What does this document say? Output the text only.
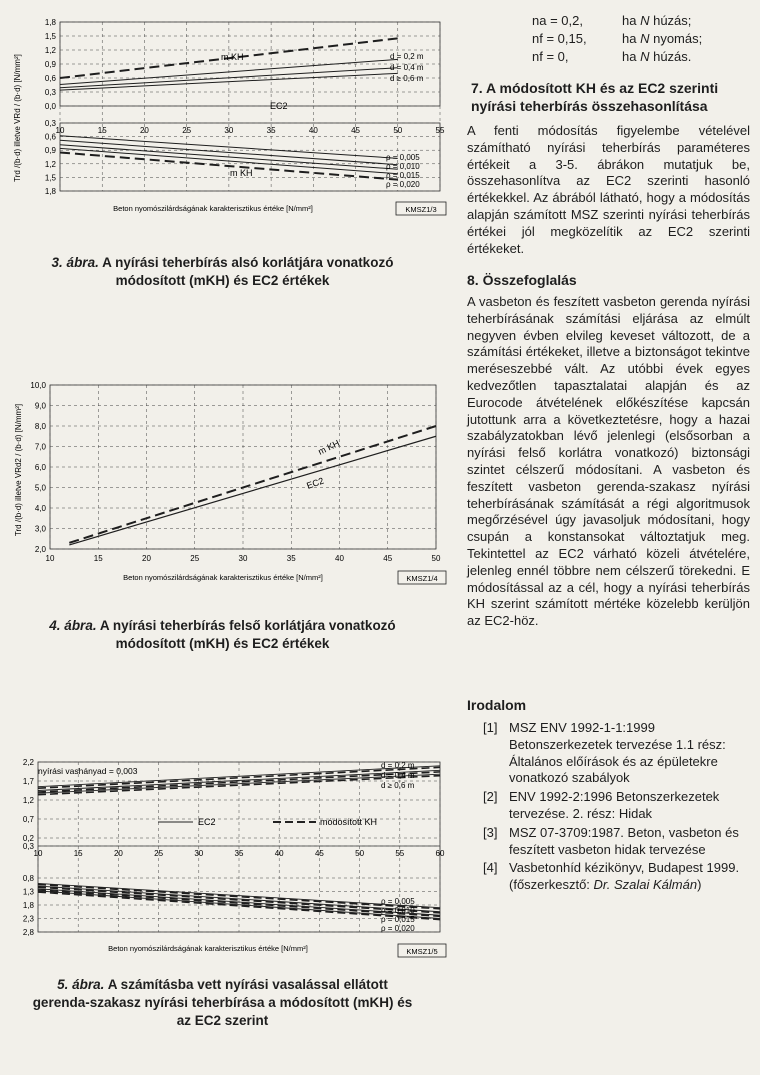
1,8
1,5
1,2
0,9
0,6
0,3
0,0
0,3
0,6
0,9
1,2
1,5
1,8
10	15	20	25	30	35	40	45	50	55
Trd /(b·d) illetve VRd / (b·d) [N/mm²]
Beton nyomószilárdságának karakterisztikus értéke [N/mm²]	KMSZ1/3
m KH	d = 0,2 m
d = 0,4 m
d ≥ 0,6 m
EC2
ρ = 0,005
ρ = 0,010
ρ = 0,015
ρ = 0,020
m KH
3. ábra. A nyírási teherbírás alsó korlátjára vonatkozó módosított (mKH) és EC2 értékek
10,0
9,0
8,0
7,0
6,0
5,0
4,0
3,0
2,0
10	15	20	25	30	35	40	45	50
Trd /(b·d) illetve VRd2 / (b·d) [N/mm²]
Beton nyomószilárdságának karakterisztikus értéke [N/mm²]	KMSZ1/4
m KH
EC2
4. ábra. A nyírási teherbírás felső korlátjára vonatkozó módosított (mKH) és EC2 értékek
2,2
1,7
1,2
0,7
0,2
0,3
0,8
1,3
1,8
2,3
2,8
10	15	20	25	30	35	40	45	50	55	60
nyírási vashányad = 0,003
d = 0,2 m
d = 0,4 m
d ≥ 0,6 m
EC2	módosított KH
ρ = 0,005
ρ = 0,010
ρ = 0,015
ρ = 0,020
Beton nyomószilárdságának karakterisztikus értéke [N/mm²]	KMSZ1/5
5. ábra. A számításba vett nyírási vasalással ellátott gerenda-szakasz nyírási teherbírása a módosított (mKH) és az EC2 szerint
na = 0,2,	ha N húzás;
nf = 0,15,	ha N nyomás;
nf = 0,	ha N húzás.
7. A módosított KH és az EC2 szerinti nyírási teherbírás összehasonlítása

A fenti módosítás figyelembe vételével számítható nyírási teherbírás paraméteres értékeit a 3-5. ábrákon mutatjuk be, összehasonlítva az EC2 szerinti hasonló értékekkel. Az ábrából látható, hogy a módosítás alapján számított MSZ szerinti nyírási teherbírás értékei jól megközelítik az EC2 szerinti értékeket.

8. Összefoglalás

A vasbeton és feszített vasbeton gerenda nyírási teherbírásának számítási eljárása az elmúlt negyven évben elvileg keveset változott, de a számítási értékeket, illetve a biztonságot tekintve meréseszebbé vált. Az utóbbi évek egyes kedvezőtlen tapasztalatai alapján és az Eurocode átvételének előkészítése kapcsán jutottunk arra a következtetésre, hogy a hazai szabályzatokban lévő jelenlegi (elsősorban a nyírási felső korlátra vonatkozó) biztonsági szintet célszerű módosítani. A vasbeton és feszített vasbeton gerenda-szakasz nyírási teherbírásának számítását a régi algoritmusok megőrzésével úgy javasoljuk módosítani, hogy csupán a konstansokat változtatjuk meg. Tekintettel az EC2 várható közeli átvételére, jelenleg ennél többre nem célszerű törekedni. E módosítással az a cél, hogy a nyírási teherbírás KH szerint számított mértéke közelebb kerüljön az EC2-höz.

Irodalom
[1] MSZ ENV 1992-1-1:1999 Betonszerkezetek tervezése 1.1 rész: Általános előírások és az épületekre vonatkozó szabályok
[2] ENV 1992-2:1996 Betonszerkezetek tervezése. 2. rész: Hidak
[3] MSZ 07-3709:1987. Beton, vasbeton és feszített vasbeton hidak tervezése
[4] Vasbetonhíd kézikönyv, Budapest 1999. (főszerkesztő: Dr. Szalai Kálmán)
